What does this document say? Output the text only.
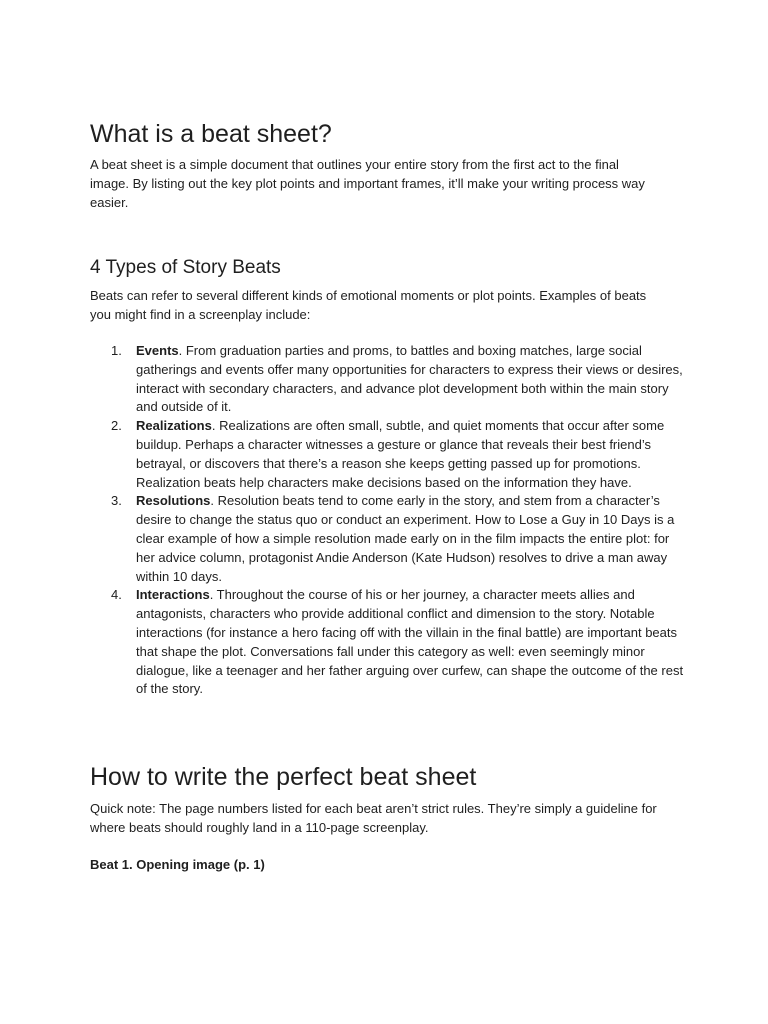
What is a beat sheet?

A beat sheet is a simple document that outlines your entire story from the first act to the final image. By listing out the key plot points and important frames, it’ll make your writing process way easier.

4 Types of Story Beats

Beats can refer to several different kinds of emotional moments or plot points. Examples of beats you might find in a screenplay include:

1. Events. From graduation parties and proms, to battles and boxing matches, large social gatherings and events offer many opportunities for characters to express their views or desires, interact with secondary characters, and advance plot development both within the main story and outside of it.
2. Realizations. Realizations are often small, subtle, and quiet moments that occur after some buildup. Perhaps a character witnesses a gesture or glance that reveals their best friend’s betrayal, or discovers that there’s a reason she keeps getting passed up for promotions. Realization beats help characters make decisions based on the information they have.
3. Resolutions. Resolution beats tend to come early in the story, and stem from a character’s desire to change the status quo or conduct an experiment. How to Lose a Guy in 10 Days is a clear example of how a simple resolution made early on in the film impacts the entire plot: for her advice column, protagonist Andie Anderson (Kate Hudson) resolves to drive a man away within 10 days.
4. Interactions. Throughout the course of his or her journey, a character meets allies and antagonists, characters who provide additional conflict and dimension to the story. Notable interactions (for instance a hero facing off with the villain in the final battle) are important beats that shape the plot. Conversations fall under this category as well: even seemingly minor dialogue, like a teenager and her father arguing over curfew, can shape the outcome of the rest of the story.
How to write the perfect beat sheet

Quick note: The page numbers listed for each beat aren’t strict rules. They’re simply a guideline for where beats should roughly land in a 110-page screenplay.

Beat 1. Opening image (p. 1)
